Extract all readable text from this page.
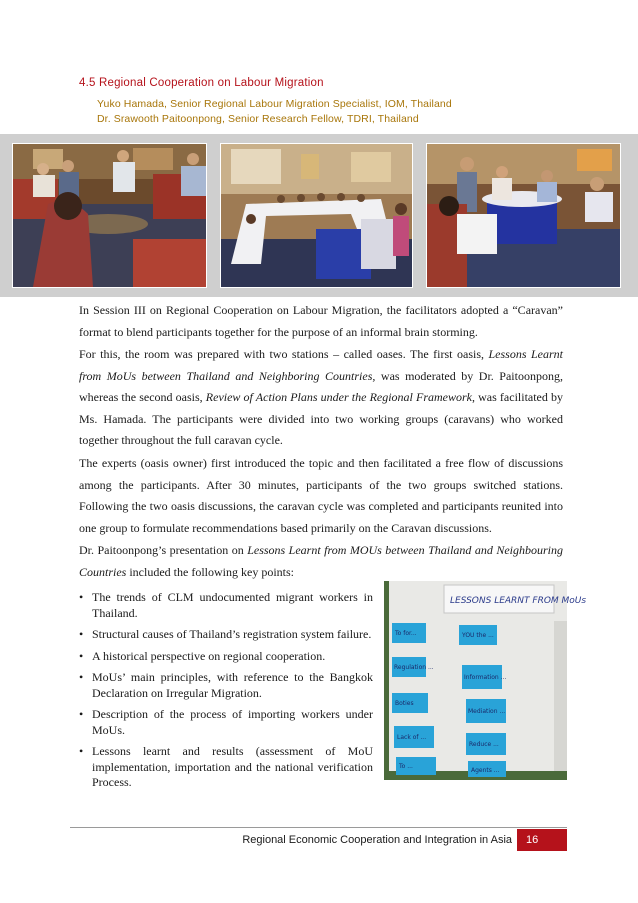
4.5 Regional Cooperation on Labour Migration
Yuko Hamada, Senior Regional Labour Migration Specialist, IOM, Thailand
Dr. Srawooth Paitoonpong, Senior Research Fellow, TDRI, Thailand
In Session III on Regional Cooperation on Labour Migration, the facilitators adopted a “Caravan” format to blend participants together for the purpose of an informal brain storming.
For this, the room was prepared with two stations – called oases. The first oasis, Lessons Learnt from MoUs between Thailand and Neighboring Countries, was moderated by Dr. Paitoonpong, whereas the second oasis, Review of Action Plans under the Regional Framework, was facilitated by Ms. Hamada. The participants were divided into two working groups (caravans) who worked together throughout the full caravan cycle.
The experts (oasis owner) first introduced the topic and then facilitated a free flow of discussions among the participants. After 30 minutes, participants of the two groups switched stations. Following the two oasis discussions, the caravan cycle was completed and participants reunited into one group to formulate recommendations based primarily on the Caravan discussions.
Dr. Paitoonpong’s presentation on Lessons Learnt from MOUs between Thailand and Neighbouring Countries included the following key points:
• The trends of CLM undocumented migrant workers in Thailand.
• Structural causes of Thailand’s registration system failure.
• A historical perspective on regional cooperation.
• MoUs’ main principles, with reference to the Bangkok Declaration on Irregular Migration.
• Description of the process of importing workers under MoUs.
• Lessons learnt and results (assessment of MoU implementation, importation and the national verification Process.
LESSONS LEARNT FROM MoUs
To for...
Regulation ...
Boties
Lack of ...
To ...
YOU the ...
Information ...
Mediation ...
Reduce ...
Agents ...
Regional Economic Cooperation and Integration in Asia 16
